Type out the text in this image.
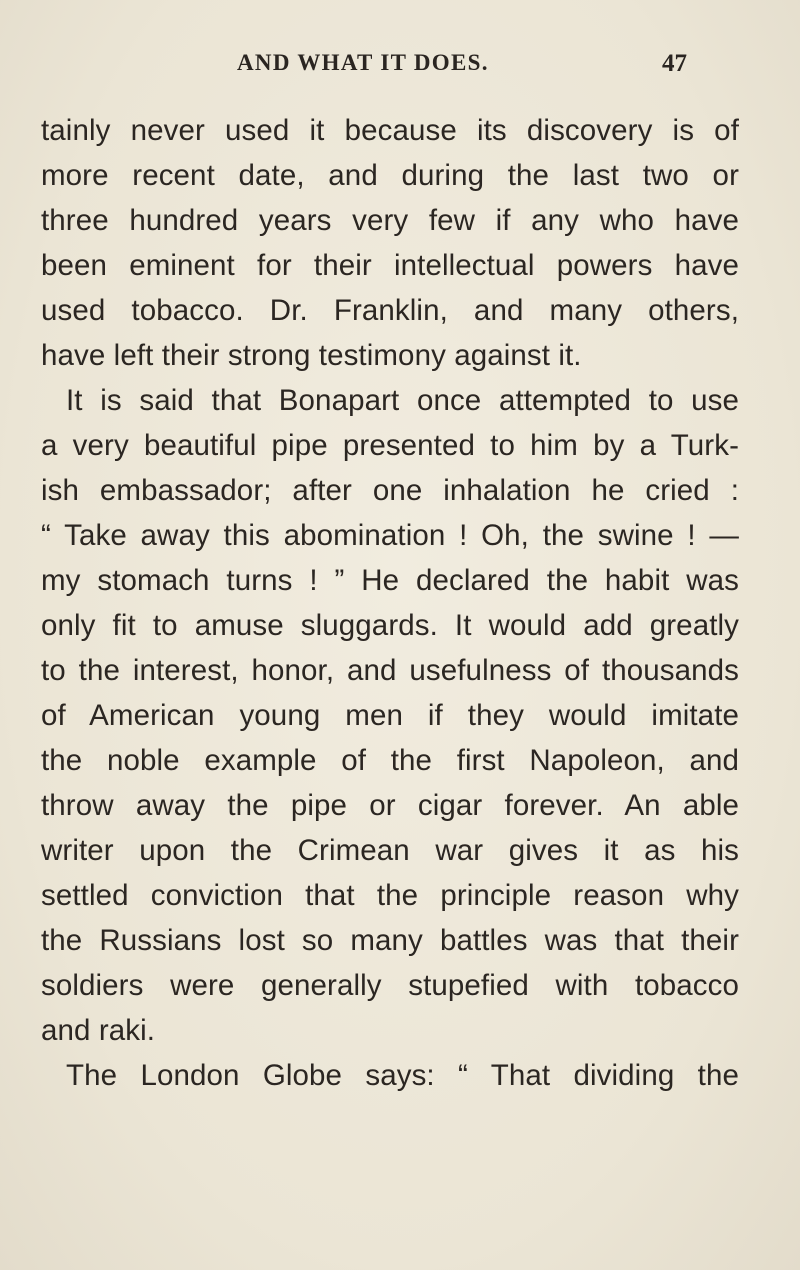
AND WHAT IT DOES.	47
tainly never used it because its discovery is of
more recent date, and during the last two or
three hundred years very few if any who have
been eminent for their intellectual powers have
used tobacco. Dr. Franklin, and many others,
have left their strong testimony against it.
It is said that Bonapart once attempted to use
a very beautiful pipe presented to him by a Turk-
ish embassador; after one inhalation he cried :
“ Take away this abomination ! Oh, the swine ! —
my stomach turns ! ” He declared the habit was
only fit to amuse sluggards. It would add greatly
to the interest, honor, and usefulness of thousands
of American young men if they would imitate
the noble example of the first Napoleon, and
throw away the pipe or cigar forever. An able
writer upon the Crimean war gives it as his
settled conviction that the principle reason why
the Russians lost so many battles was that their
soldiers were generally stupefied with tobacco
and raki.
The London Globe says: “ That dividing the
